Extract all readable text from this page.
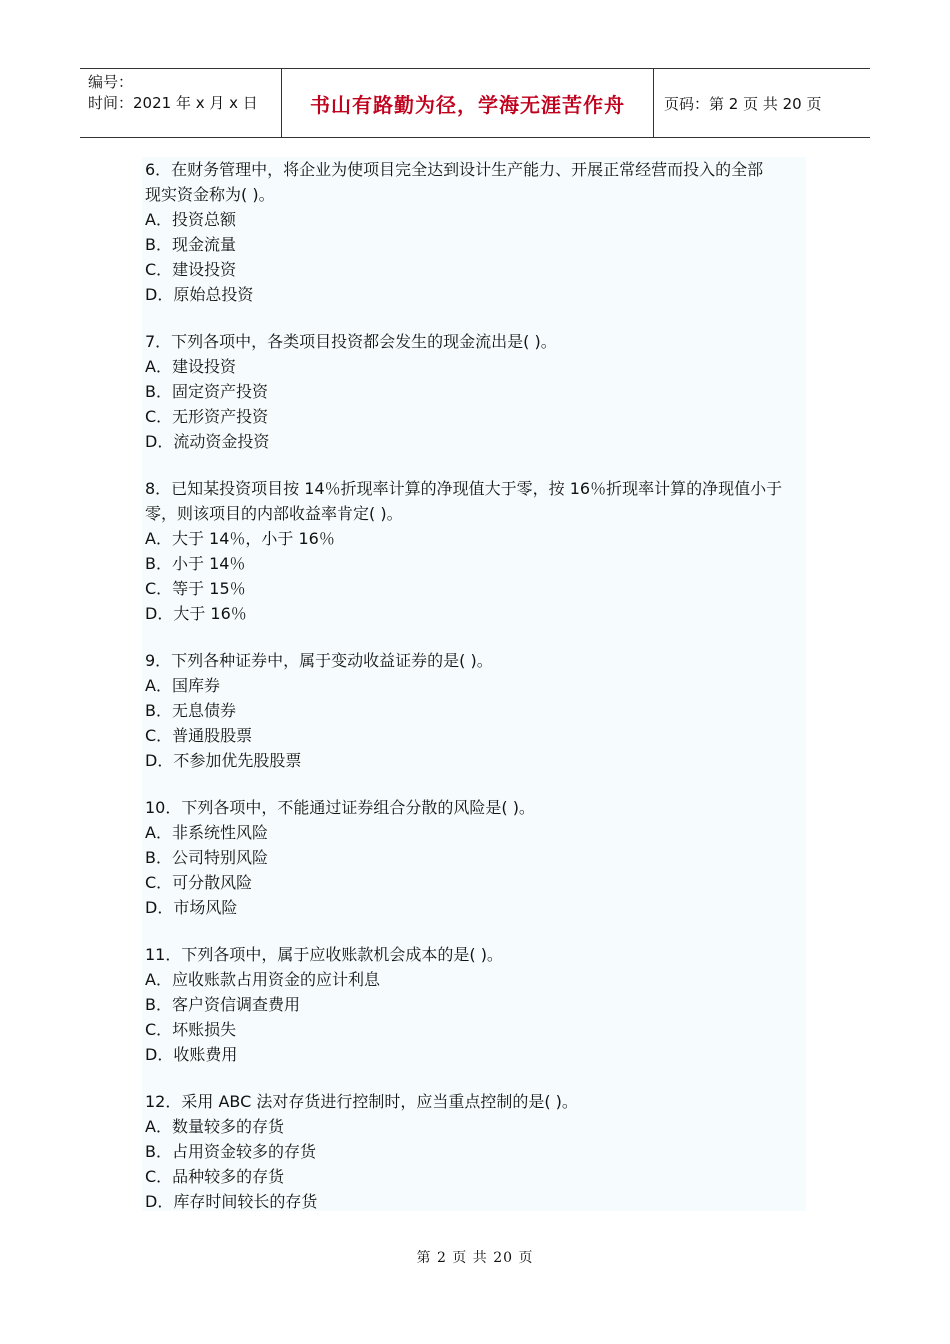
编号：
时间：2021 年 x 月 x 日	书山有路勤为径，学海无涯苦作舟	页码：第 2 页 共 20 页
6．在财务管理中，将企业为使项目完全达到设计生产能力、开展正常经营而投入的全部
现实资金称为( )。
A．投资总额
B．现金流量
C．建设投资
D．原始总投资
7．下列各项中，各类项目投资都会发生的现金流出是( )。
A．建设投资
B．固定资产投资
C．无形资产投资
D．流动资金投资
8．已知某投资项目按 14％折现率计算的净现值大于零，按 16％折现率计算的净现值小于
零，则该项目的内部收益率肯定( )。
A．大于 14％，小于 16％
B．小于 14％
C．等于 15％
D．大于 16％
9．下列各种证券中，属于变动收益证券的是( )。
A．国库券
B．无息债券
C．普通股股票
D．不参加优先股股票
10．下列各项中，不能通过证券组合分散的风险是( )。
A．非系统性风险
B．公司特别风险
C．可分散风险
D．市场风险
11．下列各项中，属于应收账款机会成本的是( )。
A．应收账款占用资金的应计利息
B．客户资信调查费用
C．坏账损失
D．收账费用
12．采用 ABC 法对存货进行控制时，应当重点控制的是( )。
A．数量较多的存货
B．占用资金较多的存货
C．品种较多的存货
D．库存时间较长的存货
第 2 页 共 20 页
